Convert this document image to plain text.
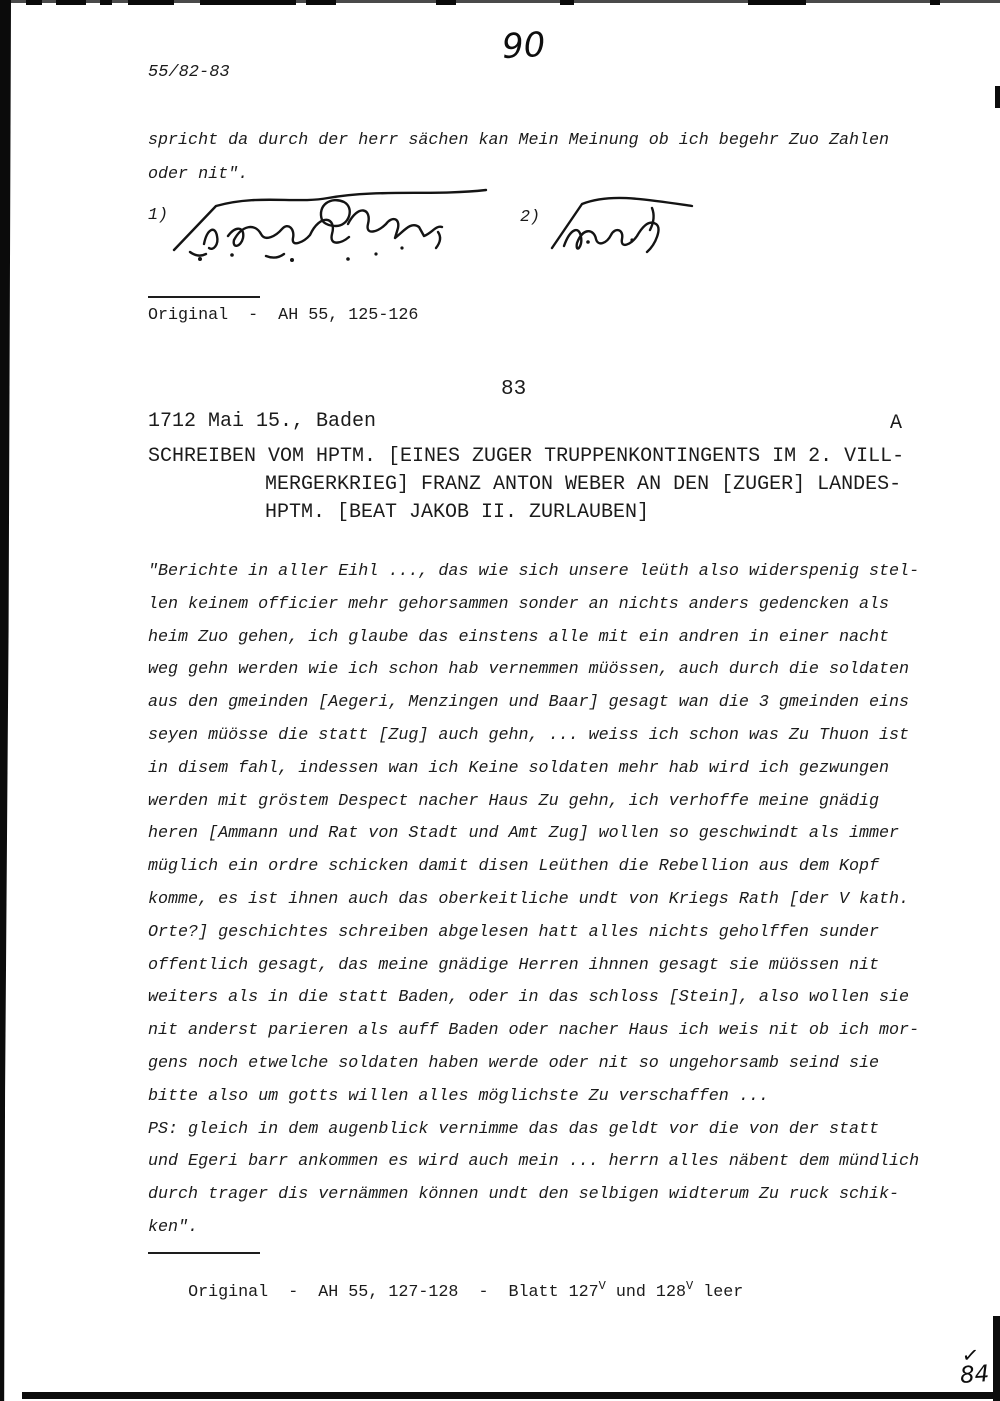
90
55/82-83
spricht da durch der herr sächen kan Mein Meinung ob ich begehr Zuo Zahlen
oder nit".
1)	2)
Original  -  AH 55, 125-126
83
1712 Mai 15., Baden	A
SCHREIBEN VOM HPTM. [EINES ZUGER TRUPPENKONTINGENTS IM 2. VILL-
MERGERKRIEG] FRANZ ANTON WEBER AN DEN [ZUGER] LANDES-
HPTM. [BEAT JAKOB II. ZURLAUBEN]
"Berichte in aller Eihl ..., das wie sich unsere leüth also widerspenig stel-
len keinem officier mehr gehorsammen sonder an nichts anders gedencken als
heim Zuo gehen, ich glaube das einstens alle mit ein andren in einer nacht
weg gehn werden wie ich schon hab vernemmen müössen, auch durch die soldaten
aus den gmeinden [Aegeri, Menzingen und Baar] gesagt wan die 3 gmeinden eins
seyen müösse die statt [Zug] auch gehn, ... weiss ich schon was Zu Thuon ist
in disem fahl, indessen wan ich Keine soldaten mehr hab wird ich gezwungen
werden mit gröstem Despect nacher Haus Zu gehn, ich verhoffe meine gnädig
heren [Ammann und Rat von Stadt und Amt Zug] wollen so geschwindt als immer
müglich ein ordre schicken damit disen Leüthen die Rebellion aus dem Kopf
komme, es ist ihnen auch das oberkeitliche undt von Kriegs Rath [der V kath.
Orte?] geschichtes schreiben abgelesen hatt alles nichts geholffen sunder
offentlich gesagt, das meine gnädige Herren ihnnen gesagt sie müössen nit
weiters als in die statt Baden, oder in das schloss [Stein], also wollen sie
nit anderst parieren als auff Baden oder nacher Haus ich weis nit ob ich mor-
gens noch etwelche soldaten haben werde oder nit so ungehorsamb seind sie
bitte also um gotts willen alles möglichste Zu verschaffen ...
PS: gleich in dem augenblick vernimme das das geldt vor die von der statt
und Egeri barr ankommen es wird auch mein ... herrn alles näbent dem mündlich
durch trager dis vernämmen können undt den selbigen widterum Zu ruck schik-
ken".

Original  -  AH 55, 127-128  -  Blatt $127^V$ und $128^V$ leer

✓
84
